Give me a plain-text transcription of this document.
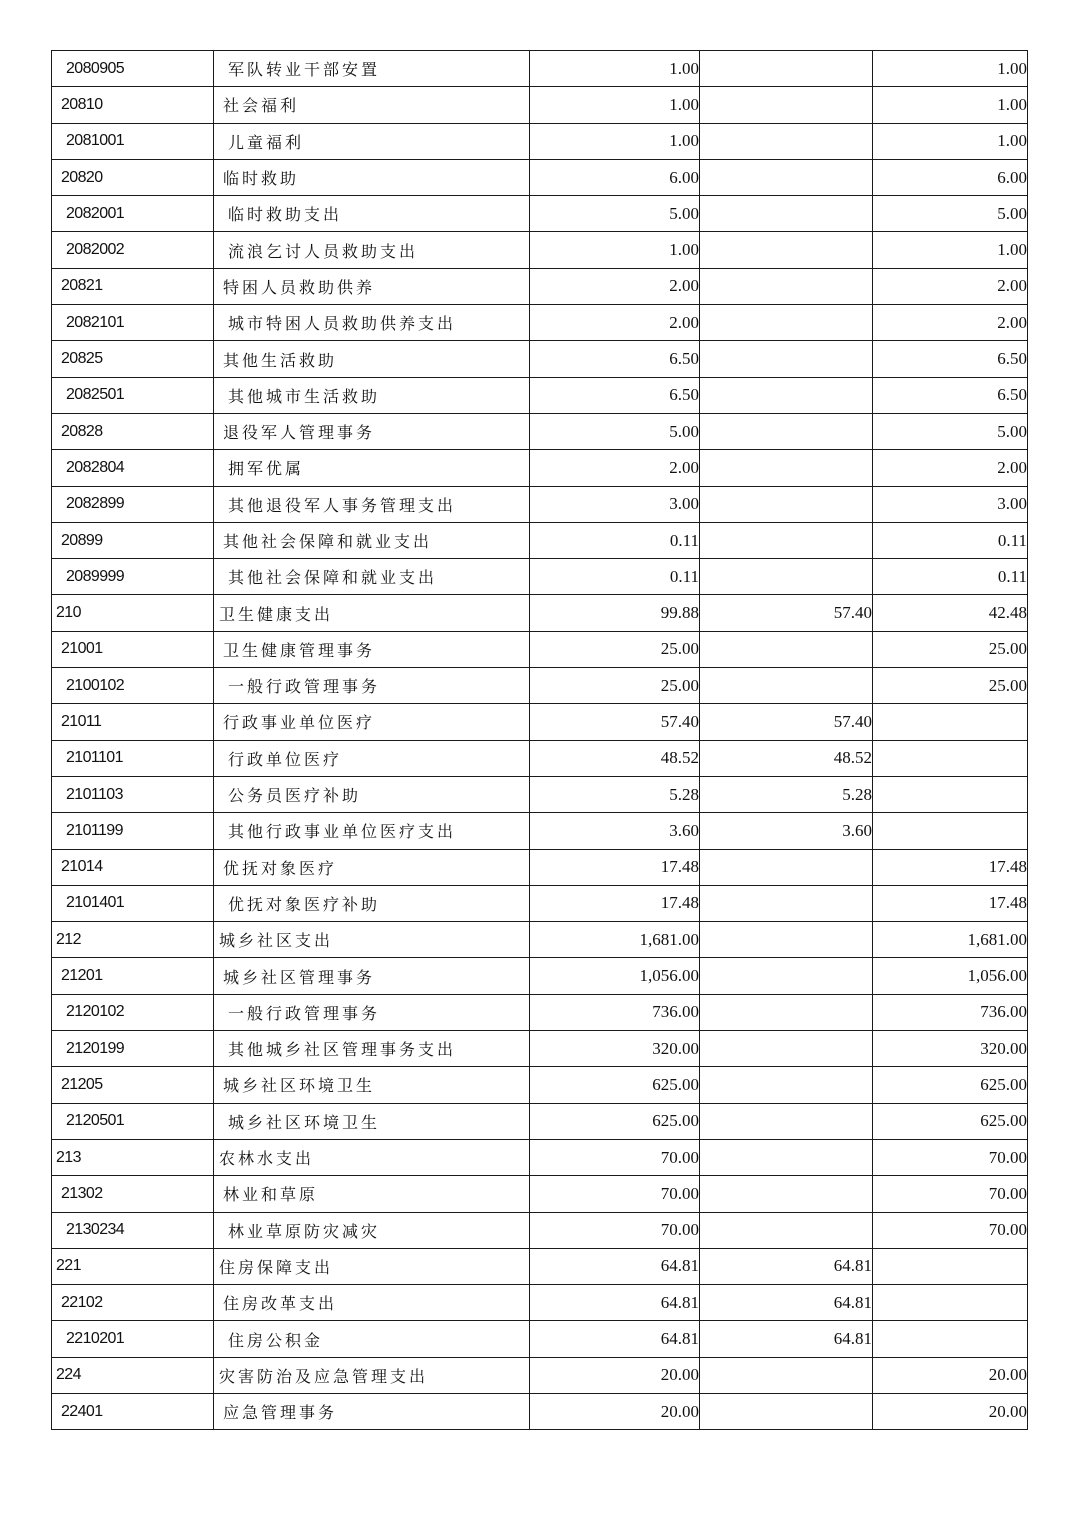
2080905	军队转业干部安置	1.00		1.00
20810	社会福利	1.00		1.00
2081001	儿童福利	1.00		1.00
20820	临时救助	6.00		6.00
2082001	临时救助支出	5.00		5.00
2082002	流浪乞讨人员救助支出	1.00		1.00
20821	特困人员救助供养	2.00		2.00
2082101	城市特困人员救助供养支出	2.00		2.00
20825	其他生活救助	6.50		6.50
2082501	其他城市生活救助	6.50		6.50
20828	退役军人管理事务	5.00		5.00
2082804	拥军优属	2.00		2.00
2082899	其他退役军人事务管理支出	3.00		3.00
20899	其他社会保障和就业支出	0.11		0.11
2089999	其他社会保障和就业支出	0.11		0.11
210	卫生健康支出	99.88	57.40	42.48
21001	卫生健康管理事务	25.00		25.00
2100102	一般行政管理事务	25.00		25.00
21011	行政事业单位医疗	57.40	57.40	
2101101	行政单位医疗	48.52	48.52	
2101103	公务员医疗补助	5.28	5.28	
2101199	其他行政事业单位医疗支出	3.60	3.60	
21014	优抚对象医疗	17.48		17.48
2101401	优抚对象医疗补助	17.48		17.48
212	城乡社区支出	1,681.00		1,681.00
21201	城乡社区管理事务	1,056.00		1,056.00
2120102	一般行政管理事务	736.00		736.00
2120199	其他城乡社区管理事务支出	320.00		320.00
21205	城乡社区环境卫生	625.00		625.00
2120501	城乡社区环境卫生	625.00		625.00
213	农林水支出	70.00		70.00
21302	林业和草原	70.00		70.00
2130234	林业草原防灾减灾	70.00		70.00
221	住房保障支出	64.81	64.81	
22102	住房改革支出	64.81	64.81	
2210201	住房公积金	64.81	64.81	
224	灾害防治及应急管理支出	20.00		20.00
22401	应急管理事务	20.00		20.00
